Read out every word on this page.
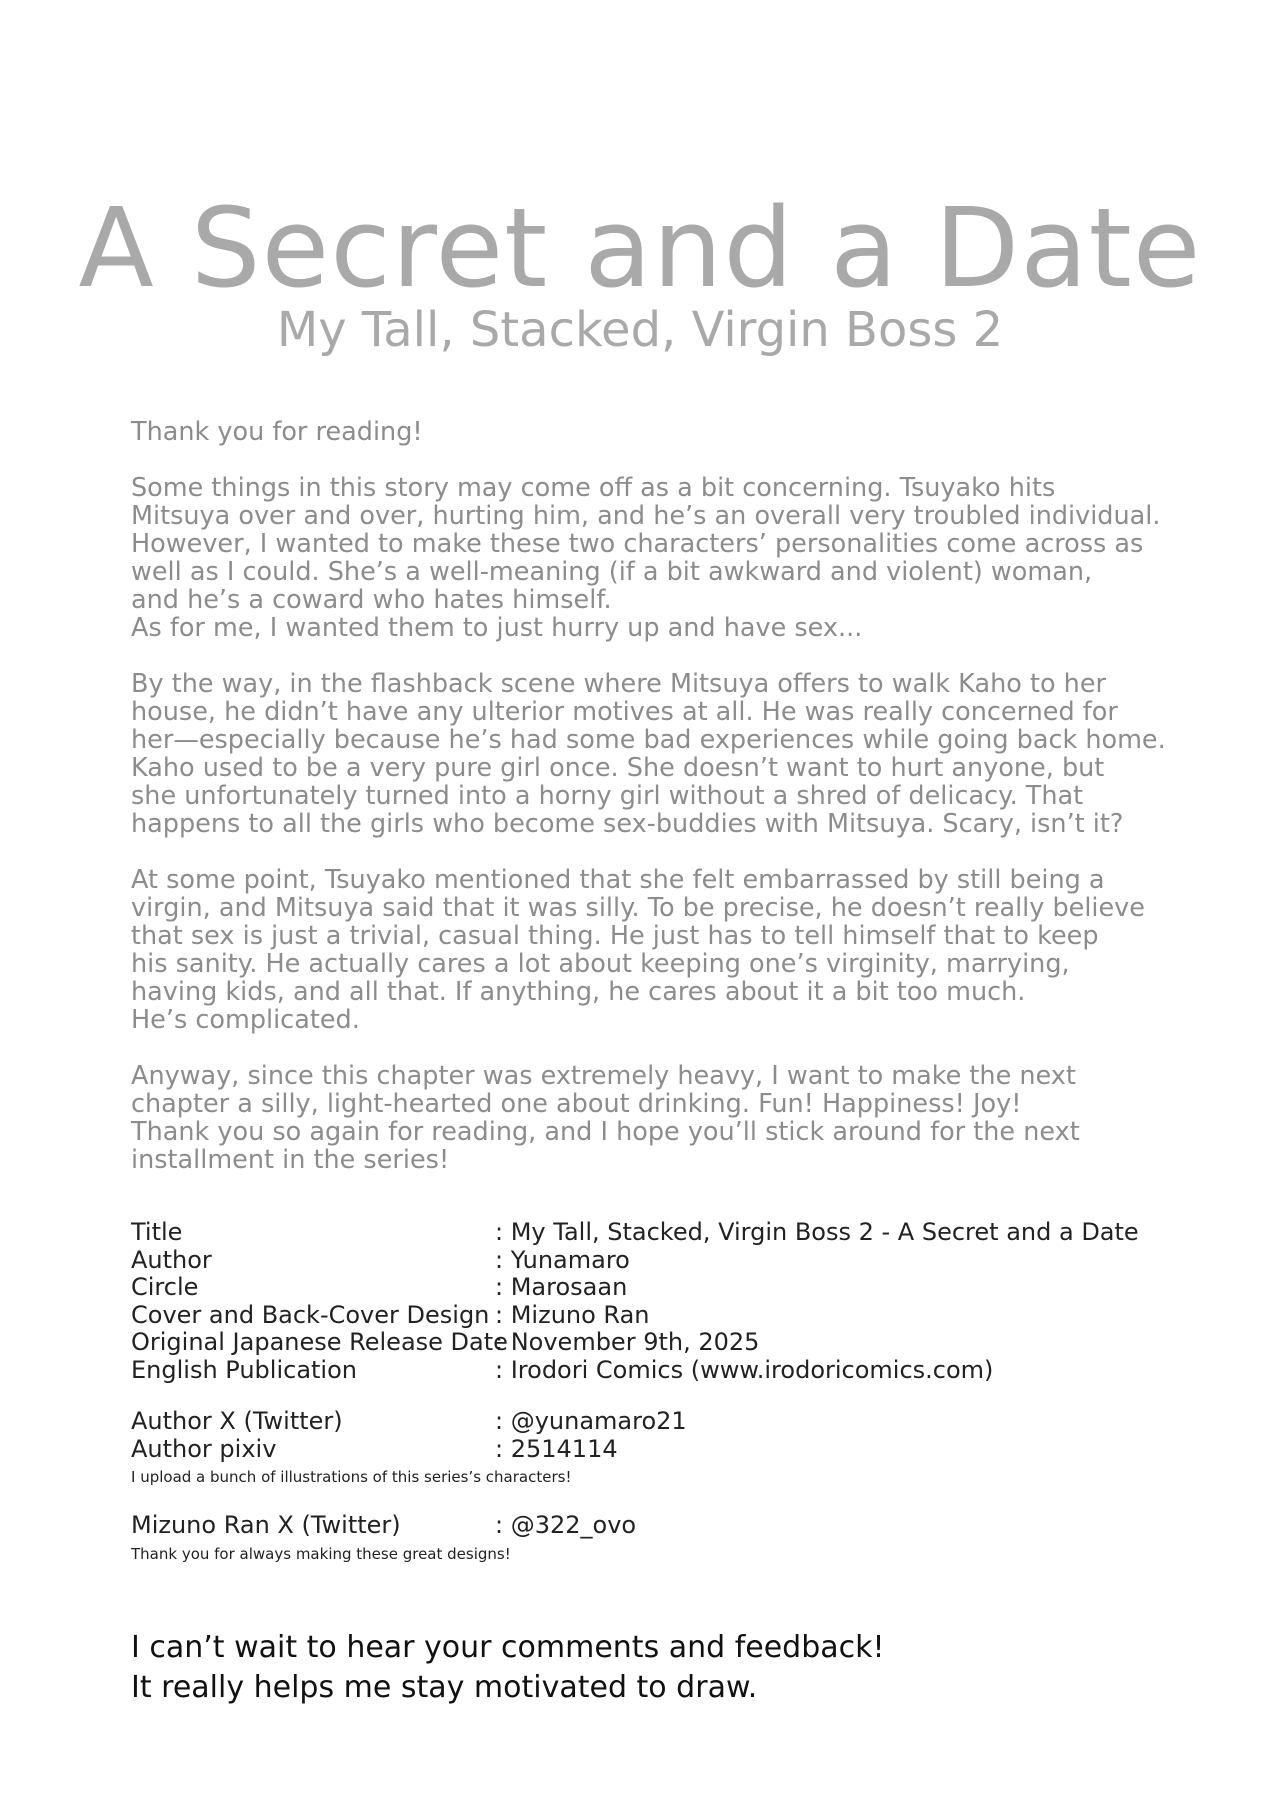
A Secret and a Date
My Tall, Stacked, Virgin Boss 2

Thank you for reading!

Some things in this story may come off as a bit concerning. Tsuyako hits
Mitsuya over and over, hurting him, and he’s an overall very troubled individual.
However, I wanted to make these two characters’ personalities come across as
well as I could. She’s a well-meaning (if a bit awkward and violent) woman,
and he’s a coward who hates himself.
As for me, I wanted them to just hurry up and have sex...

By the way, in the flashback scene where Mitsuya offers to walk Kaho to her
house, he didn’t have any ulterior motives at all. He was really concerned for
her—especially because he’s had some bad experiences while going back home.
Kaho used to be a very pure girl once. She doesn’t want to hurt anyone, but
she unfortunately turned into a horny girl without a shred of delicacy. That
happens to all the girls who become sex-buddies with Mitsuya. Scary, isn’t it?

At some point, Tsuyako mentioned that she felt embarrassed by still being a
virgin, and Mitsuya said that it was silly. To be precise, he doesn’t really believe
that sex is just a trivial, casual thing. He just has to tell himself that to keep
his sanity. He actually cares a lot about keeping one’s virginity, marrying,
having kids, and all that. If anything, he cares about it a bit too much.
He’s complicated.

Anyway, since this chapter was extremely heavy, I want to make the next
chapter a silly, light-hearted one about drinking. Fun! Happiness! Joy!
Thank you so again for reading, and I hope you’ll stick around for the next
installment in the series!

Title	: My Tall, Stacked, Virgin Boss 2 - A Secret and a Date
Author	: Yunamaro
Circle	: Marosaan
Cover and Back-Cover Design : Mizuno Ran
Original Japanese Release Date
: November 9th, 2025
English Publication	: Irodori Comics (www.irodoricomics.com)
Author X (Twitter)	: @yunamaro21
Author pixiv	: 2514114
I upload a bunch of illustrations of this series’s characters!
Mizuno Ran X (Twitter)	: @322_ovo
Thank you for always making these great designs!
I can’t wait to hear your comments and feedback!
It really helps me stay motivated to draw.
